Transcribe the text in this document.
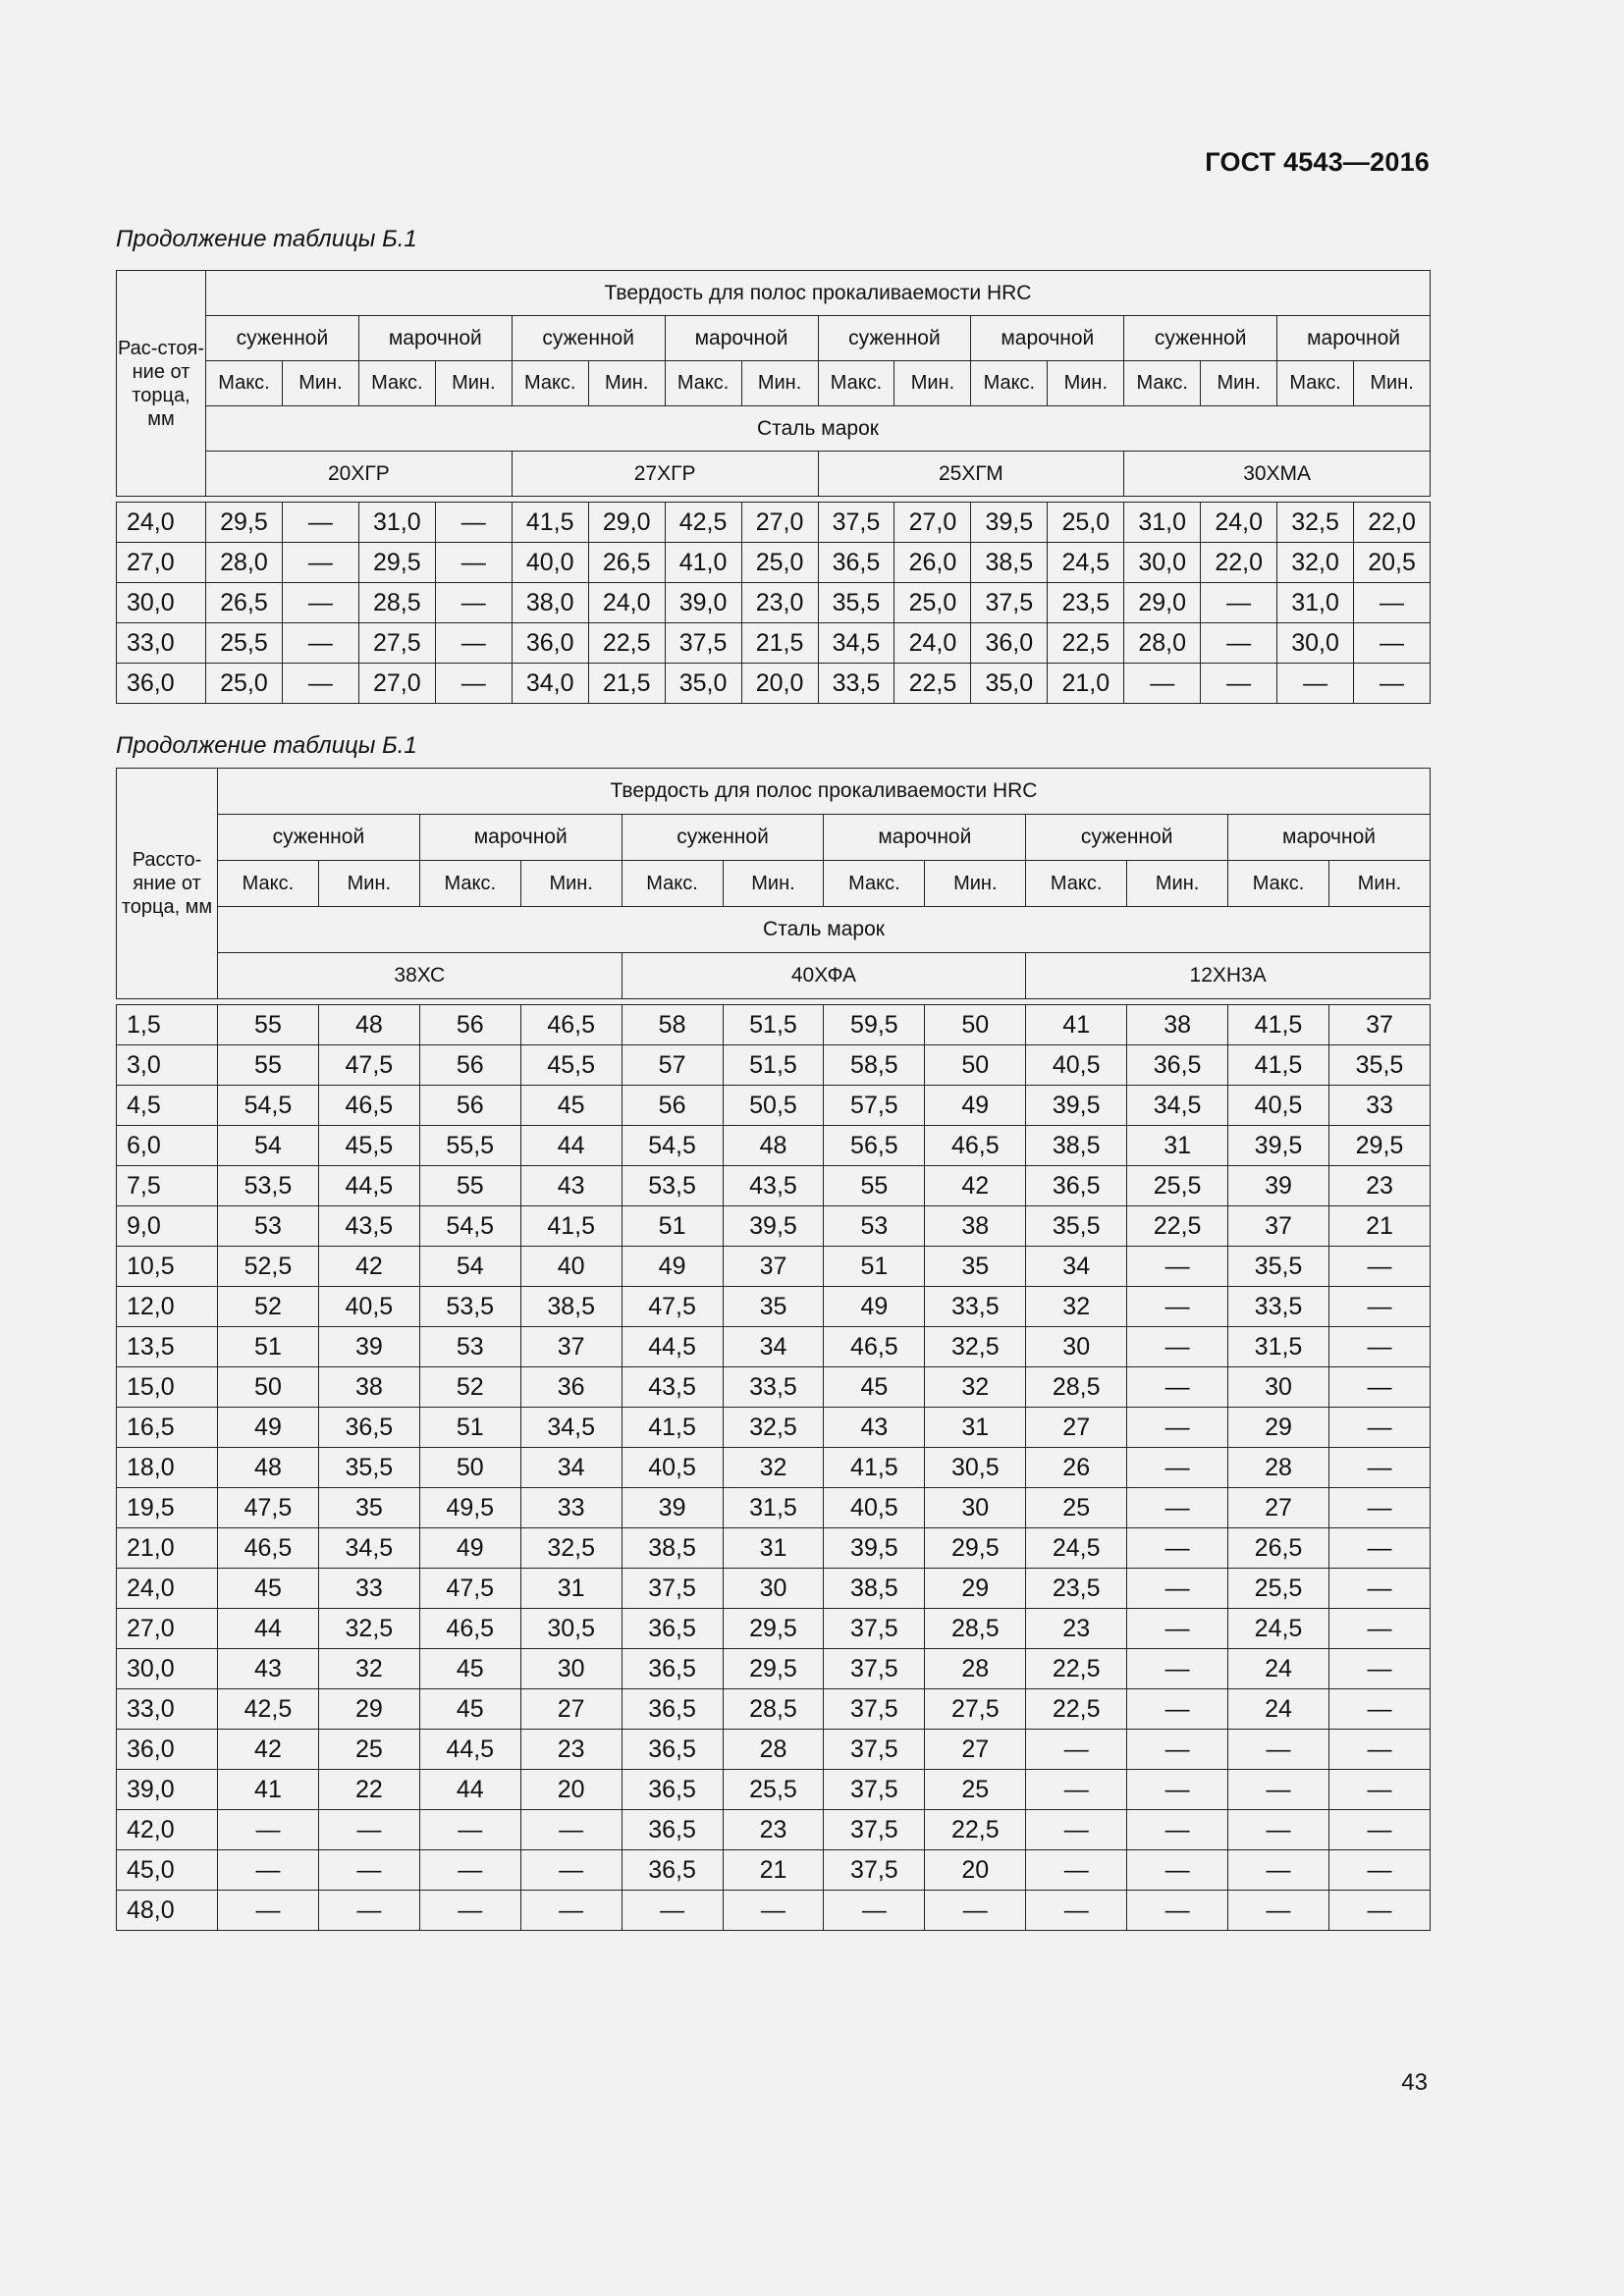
ГОСТ 4543—2016
Продолжение таблицы Б.1
Рас-стоя-ние от торца, мм	Твердость для полос прокаливаемости HRC															
	суженной		марочной		суженной		марочной		суженной		марочной		суженной		марочной	
	Макс.	Мин.	Макс.	Мин.	Макс.	Мин.	Макс.	Мин.	Макс.	Мин.	Макс.	Мин.	Макс.	Мин.	Макс.	Мин.
	Сталь марок															
	20ХГР				27ХГР				25ХГМ				30ХМА			

24,0	29,5	—	31,0	—	41,5	29,0	42,5	27,0	37,5	27,0	39,5	25,0	31,0	24,0	32,5	22,0
27,0	28,0	—	29,5	—	40,0	26,5	41,0	25,0	36,5	26,0	38,5	24,5	30,0	22,0	32,0	20,5
30,0	26,5	—	28,5	—	38,0	24,0	39,0	23,0	35,5	25,0	37,5	23,5	29,0	—	31,0	—
33,0	25,5	—	27,5	—	36,0	22,5	37,5	21,5	34,5	24,0	36,0	22,5	28,0	—	30,0	—
36,0	25,0	—	27,0	—	34,0	21,5	35,0	20,0	33,5	22,5	35,0	21,0	—	—	—	—
Продолжение таблицы Б.1
Рассто-яние от торца, мм	Твердость для полос прокаливаемости HRC											
	суженной		марочной		суженной		марочной		суженной		марочной	
	Макс.	Мин.	Макс.	Мин.	Макс.	Мин.	Макс.	Мин.	Макс.	Мин.	Макс.	Мин.
	Сталь марок											
	38ХС				40ХФА				12ХН3А			

1,5	55	48	56	46,5	58	51,5	59,5	50	41	38	41,5	37
3,0	55	47,5	56	45,5	57	51,5	58,5	50	40,5	36,5	41,5	35,5
4,5	54,5	46,5	56	45	56	50,5	57,5	49	39,5	34,5	40,5	33
6,0	54	45,5	55,5	44	54,5	48	56,5	46,5	38,5	31	39,5	29,5
7,5	53,5	44,5	55	43	53,5	43,5	55	42	36,5	25,5	39	23
9,0	53	43,5	54,5	41,5	51	39,5	53	38	35,5	22,5	37	21
10,5	52,5	42	54	40	49	37	51	35	34	—	35,5	—
12,0	52	40,5	53,5	38,5	47,5	35	49	33,5	32	—	33,5	—
13,5	51	39	53	37	44,5	34	46,5	32,5	30	—	31,5	—
15,0	50	38	52	36	43,5	33,5	45	32	28,5	—	30	—
16,5	49	36,5	51	34,5	41,5	32,5	43	31	27	—	29	—
18,0	48	35,5	50	34	40,5	32	41,5	30,5	26	—	28	—
19,5	47,5	35	49,5	33	39	31,5	40,5	30	25	—	27	—
21,0	46,5	34,5	49	32,5	38,5	31	39,5	29,5	24,5	—	26,5	—
24,0	45	33	47,5	31	37,5	30	38,5	29	23,5	—	25,5	—
27,0	44	32,5	46,5	30,5	36,5	29,5	37,5	28,5	23	—	24,5	—
30,0	43	32	45	30	36,5	29,5	37,5	28	22,5	—	24	—
33,0	42,5	29	45	27	36,5	28,5	37,5	27,5	22,5	—	24	—
36,0	42	25	44,5	23	36,5	28	37,5	27	—	—	—	—
39,0	41	22	44	20	36,5	25,5	37,5	25	—	—	—	—
42,0	—	—	—	—	36,5	23	37,5	22,5	—	—	—	—
45,0	—	—	—	—	36,5	21	37,5	20	—	—	—	—
48,0	—	—	—	—	—	—	—	—	—	—	—	—
43
